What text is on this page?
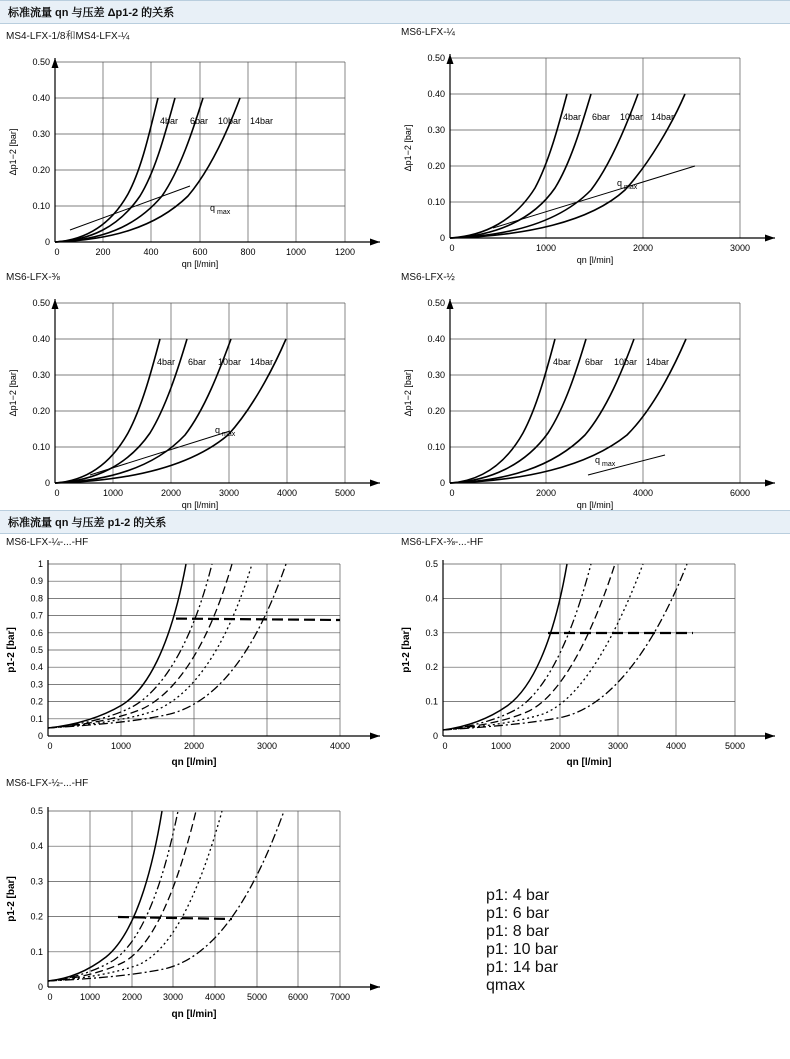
标准流量 qn 与压差 Δp1-2 的关系
MS4-LFX-1/8和MS4-LFX-¼
0
0.10
0.20
0.30
0.40
0.50
0	200	400	600	800	1000	1200
4bar 6bar 10bar 14bar
q max
qn [l/min]
Δp1−2 [bar]
MS6-LFX-¼
0
0.10
0.20
0.30
0.40
0.50
0	1000	2000	3000
4bar 6bar 10bar 14bar
q max
qn [l/min]
Δp1−2 [bar]
MS6-LFX-⅜
0
0.10
0.20
0.30
0.40
0.50
0	1000	2000	3000	4000	5000
4bar 6bar 10bar 14bar
q max
qn [l/min]
Δp1−2 [bar]
MS6-LFX-½
0
0.10
0.20
0.30
0.40
0.50
0	2000	4000	6000
4bar 6bar 10bar 14bar
q max
qn [l/min]
Δp1−2 [bar]
标准流量 qn 与压差 p1-2 的关系
MS6-LFX-¼-...-HF
0
0.1
0.2
0.3
0.4
0.5
0.6
0.7
0.8
0.9
1
0	1000	2000	3000	4000
qn [l/min]
p1-2 [bar]
MS6-LFX-⅜-...-HF
0
0.1
0.2
0.3
0.4
0.5
0	1000	2000	3000	4000	5000
qn [l/min]
p1-2 [bar]
MS6-LFX-½-...-HF
0
0.1
0.2
0.3
0.4
0.5
0	1000 2000 3000 4000 5000 6000 7000
qn [l/min]
p1-2 [bar]	p1: 4 bar
p1: 6 bar
p1: 8 bar
p1: 10 bar
p1: 14 bar
qmax
